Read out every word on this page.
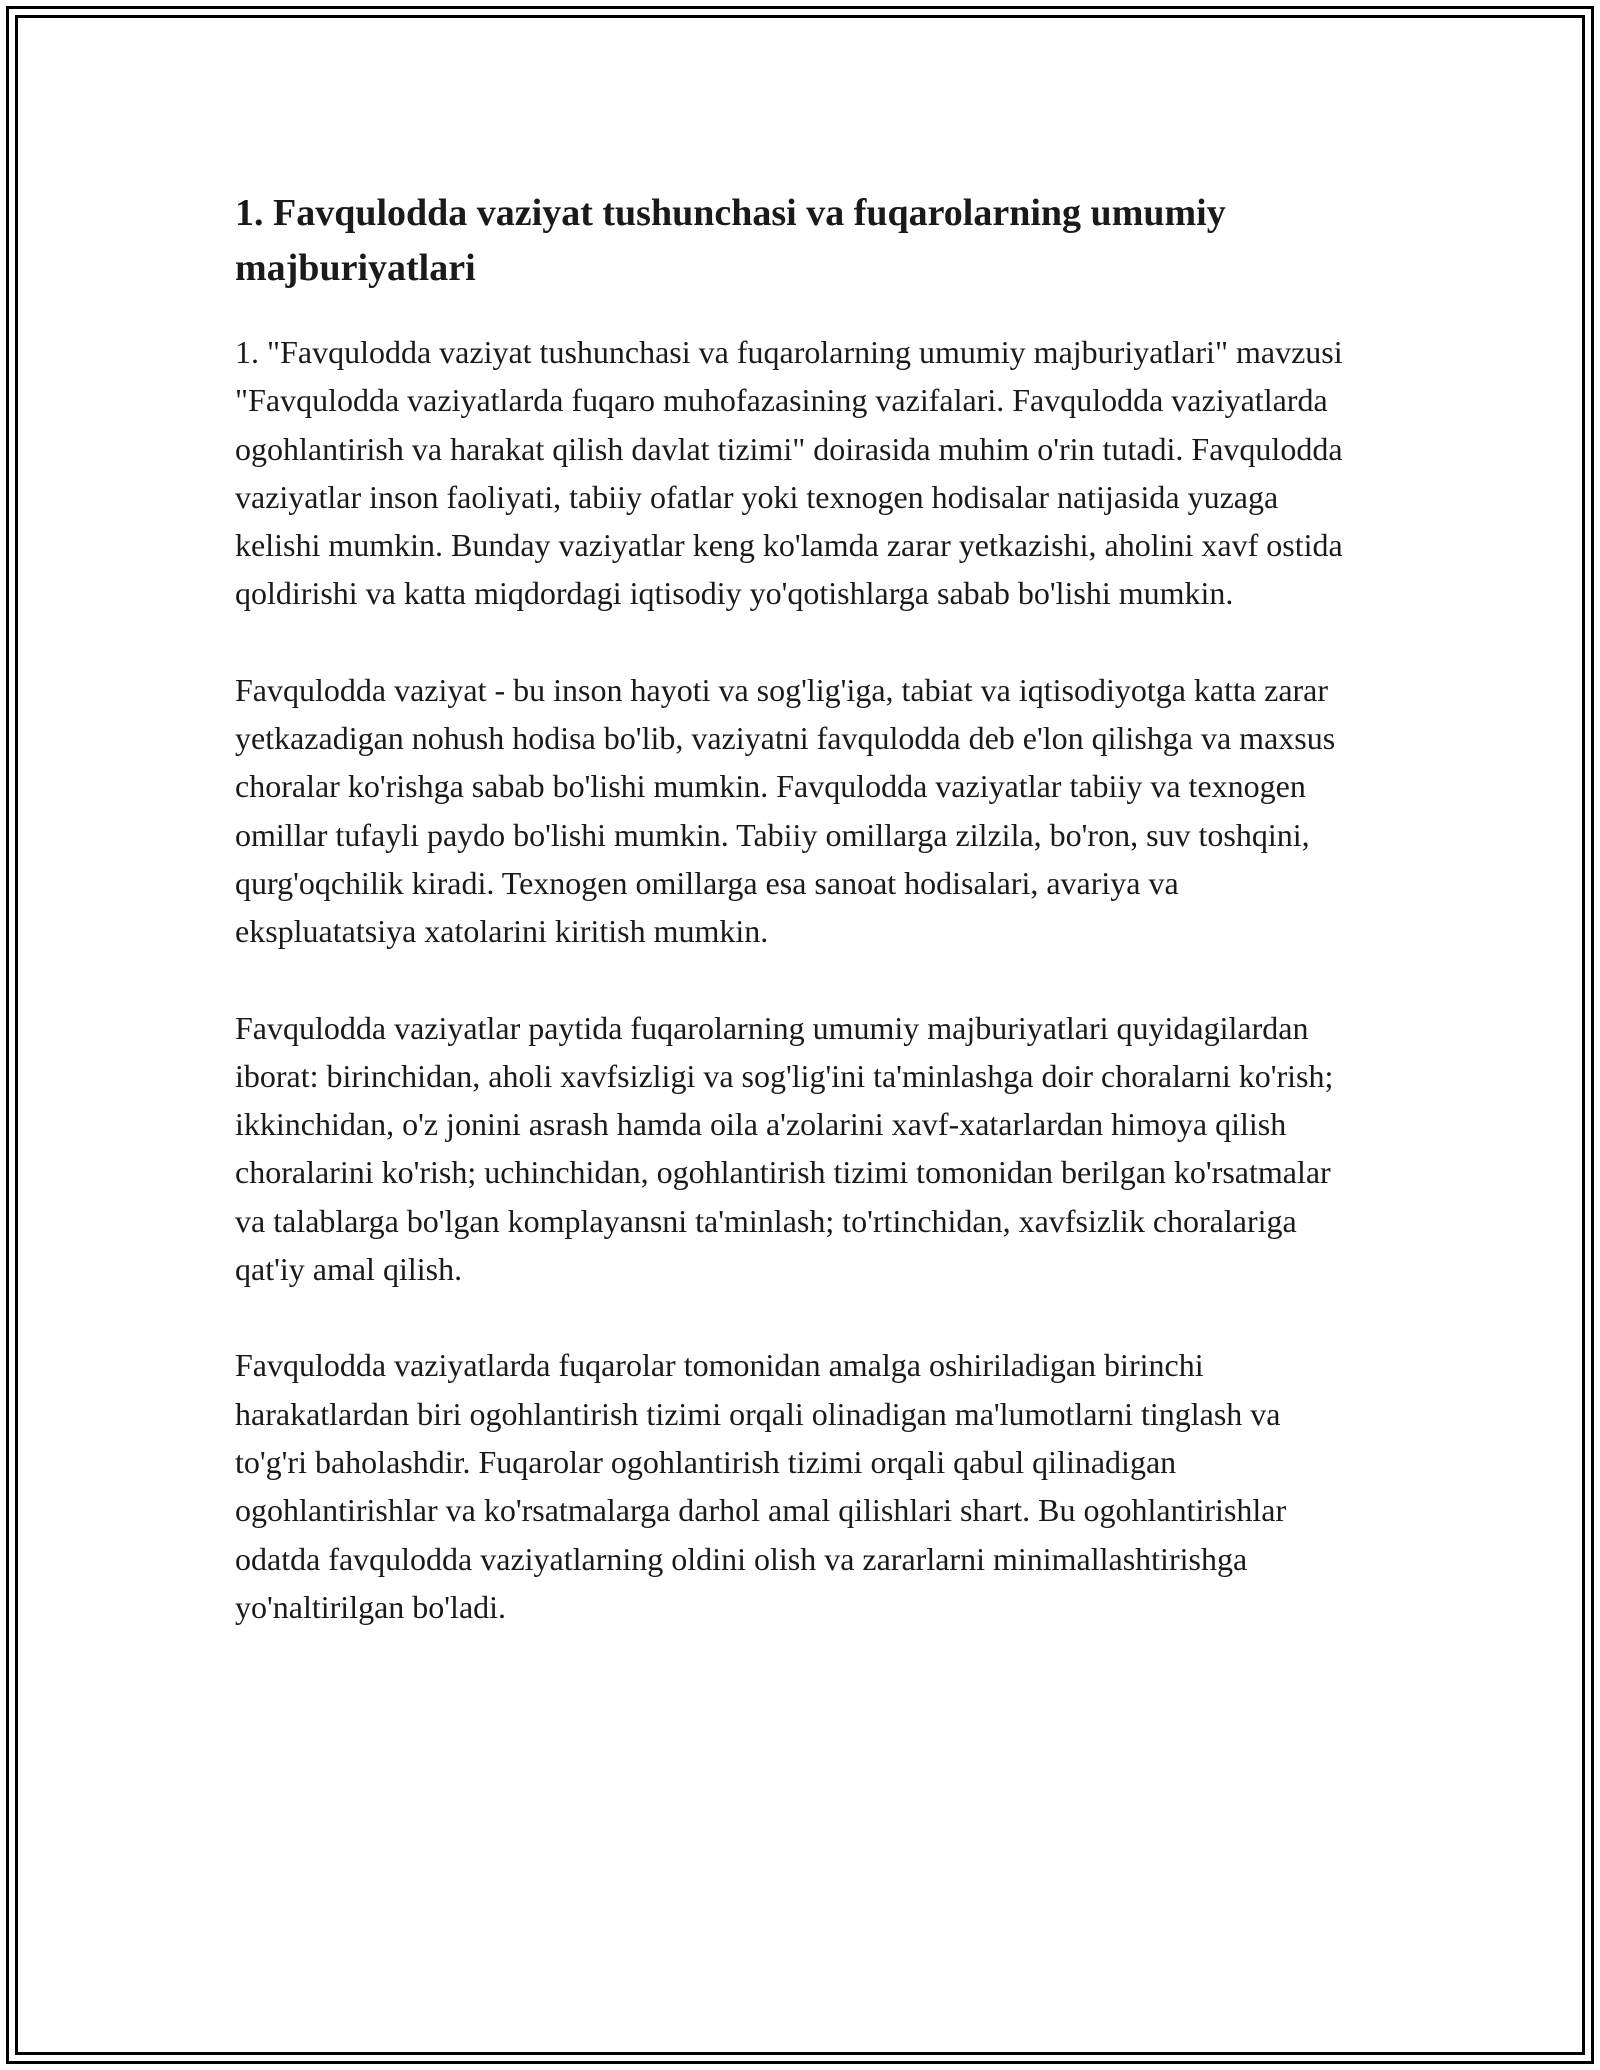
1. Favqulodda vaziyat tushunchasi va fuqarolarning umumiy majburiyatlari

1. "Favqulodda vaziyat tushunchasi va fuqarolarning umumiy majburiyatlari" mavzusi "Favqulodda vaziyatlarda fuqaro muhofazasining vazifalari. Favqulodda vaziyatlarda ogohlantirish va harakat qilish davlat tizimi" doirasida muhim o'rin tutadi. Favqulodda vaziyatlar inson faoliyati, tabiiy ofatlar yoki texnogen hodisalar natijasida yuzaga kelishi mumkin. Bunday vaziyatlar keng ko'lamda zarar yetkazishi, aholini xavf ostida qoldirishi va katta miqdordagi iqtisodiy yo'qotishlarga sabab bo'lishi mumkin.

Favqulodda vaziyat - bu inson hayoti va sog'lig'iga, tabiat va iqtisodiyotga katta zarar yetkazadigan nohush hodisa bo'lib, vaziyatni favqulodda deb e'lon qilishga va maxsus choralar ko'rishga sabab bo'lishi mumkin. Favqulodda vaziyatlar tabiiy va texnogen omillar tufayli paydo bo'lishi mumkin. Tabiiy omillarga zilzila, bo'ron, suv toshqini, qurg'oqchilik kiradi. Texnogen omillarga esa sanoat hodisalari, avariya va ekspluatatsiya xatolarini kiritish mumkin.

Favqulodda vaziyatlar paytida fuqarolarning umumiy majburiyatlari quyidagilardan iborat: birinchidan, aholi xavfsizligi va sog'lig'ini ta'minlashga doir choralarni ko'rish; ikkinchidan, o'z jonini asrash hamda oila a'zolarini xavf-xatarlardan himoya qilish choralarini ko'rish; uchinchidan, ogohlantirish tizimi tomonidan berilgan ko'rsatmalar va talablarga bo'lgan komplayansni ta'minlash; to'rtinchidan, xavfsizlik choralariga qat'iy amal qilish.

Favqulodda vaziyatlarda fuqarolar tomonidan amalga oshiriladigan birinchi harakatlardan biri ogohlantirish tizimi orqali olinadigan ma'lumotlarni tinglash va to'g'ri baholashdir. Fuqarolar ogohlantirish tizimi orqali qabul qilinadigan ogohlantirishlar va ko'rsatmalarga darhol amal qilishlari shart. Bu ogohlantirishlar odatda favqulodda vaziyatlarning oldini olish va zararlarni minimallashtirishga yo'naltirilgan bo'ladi.
